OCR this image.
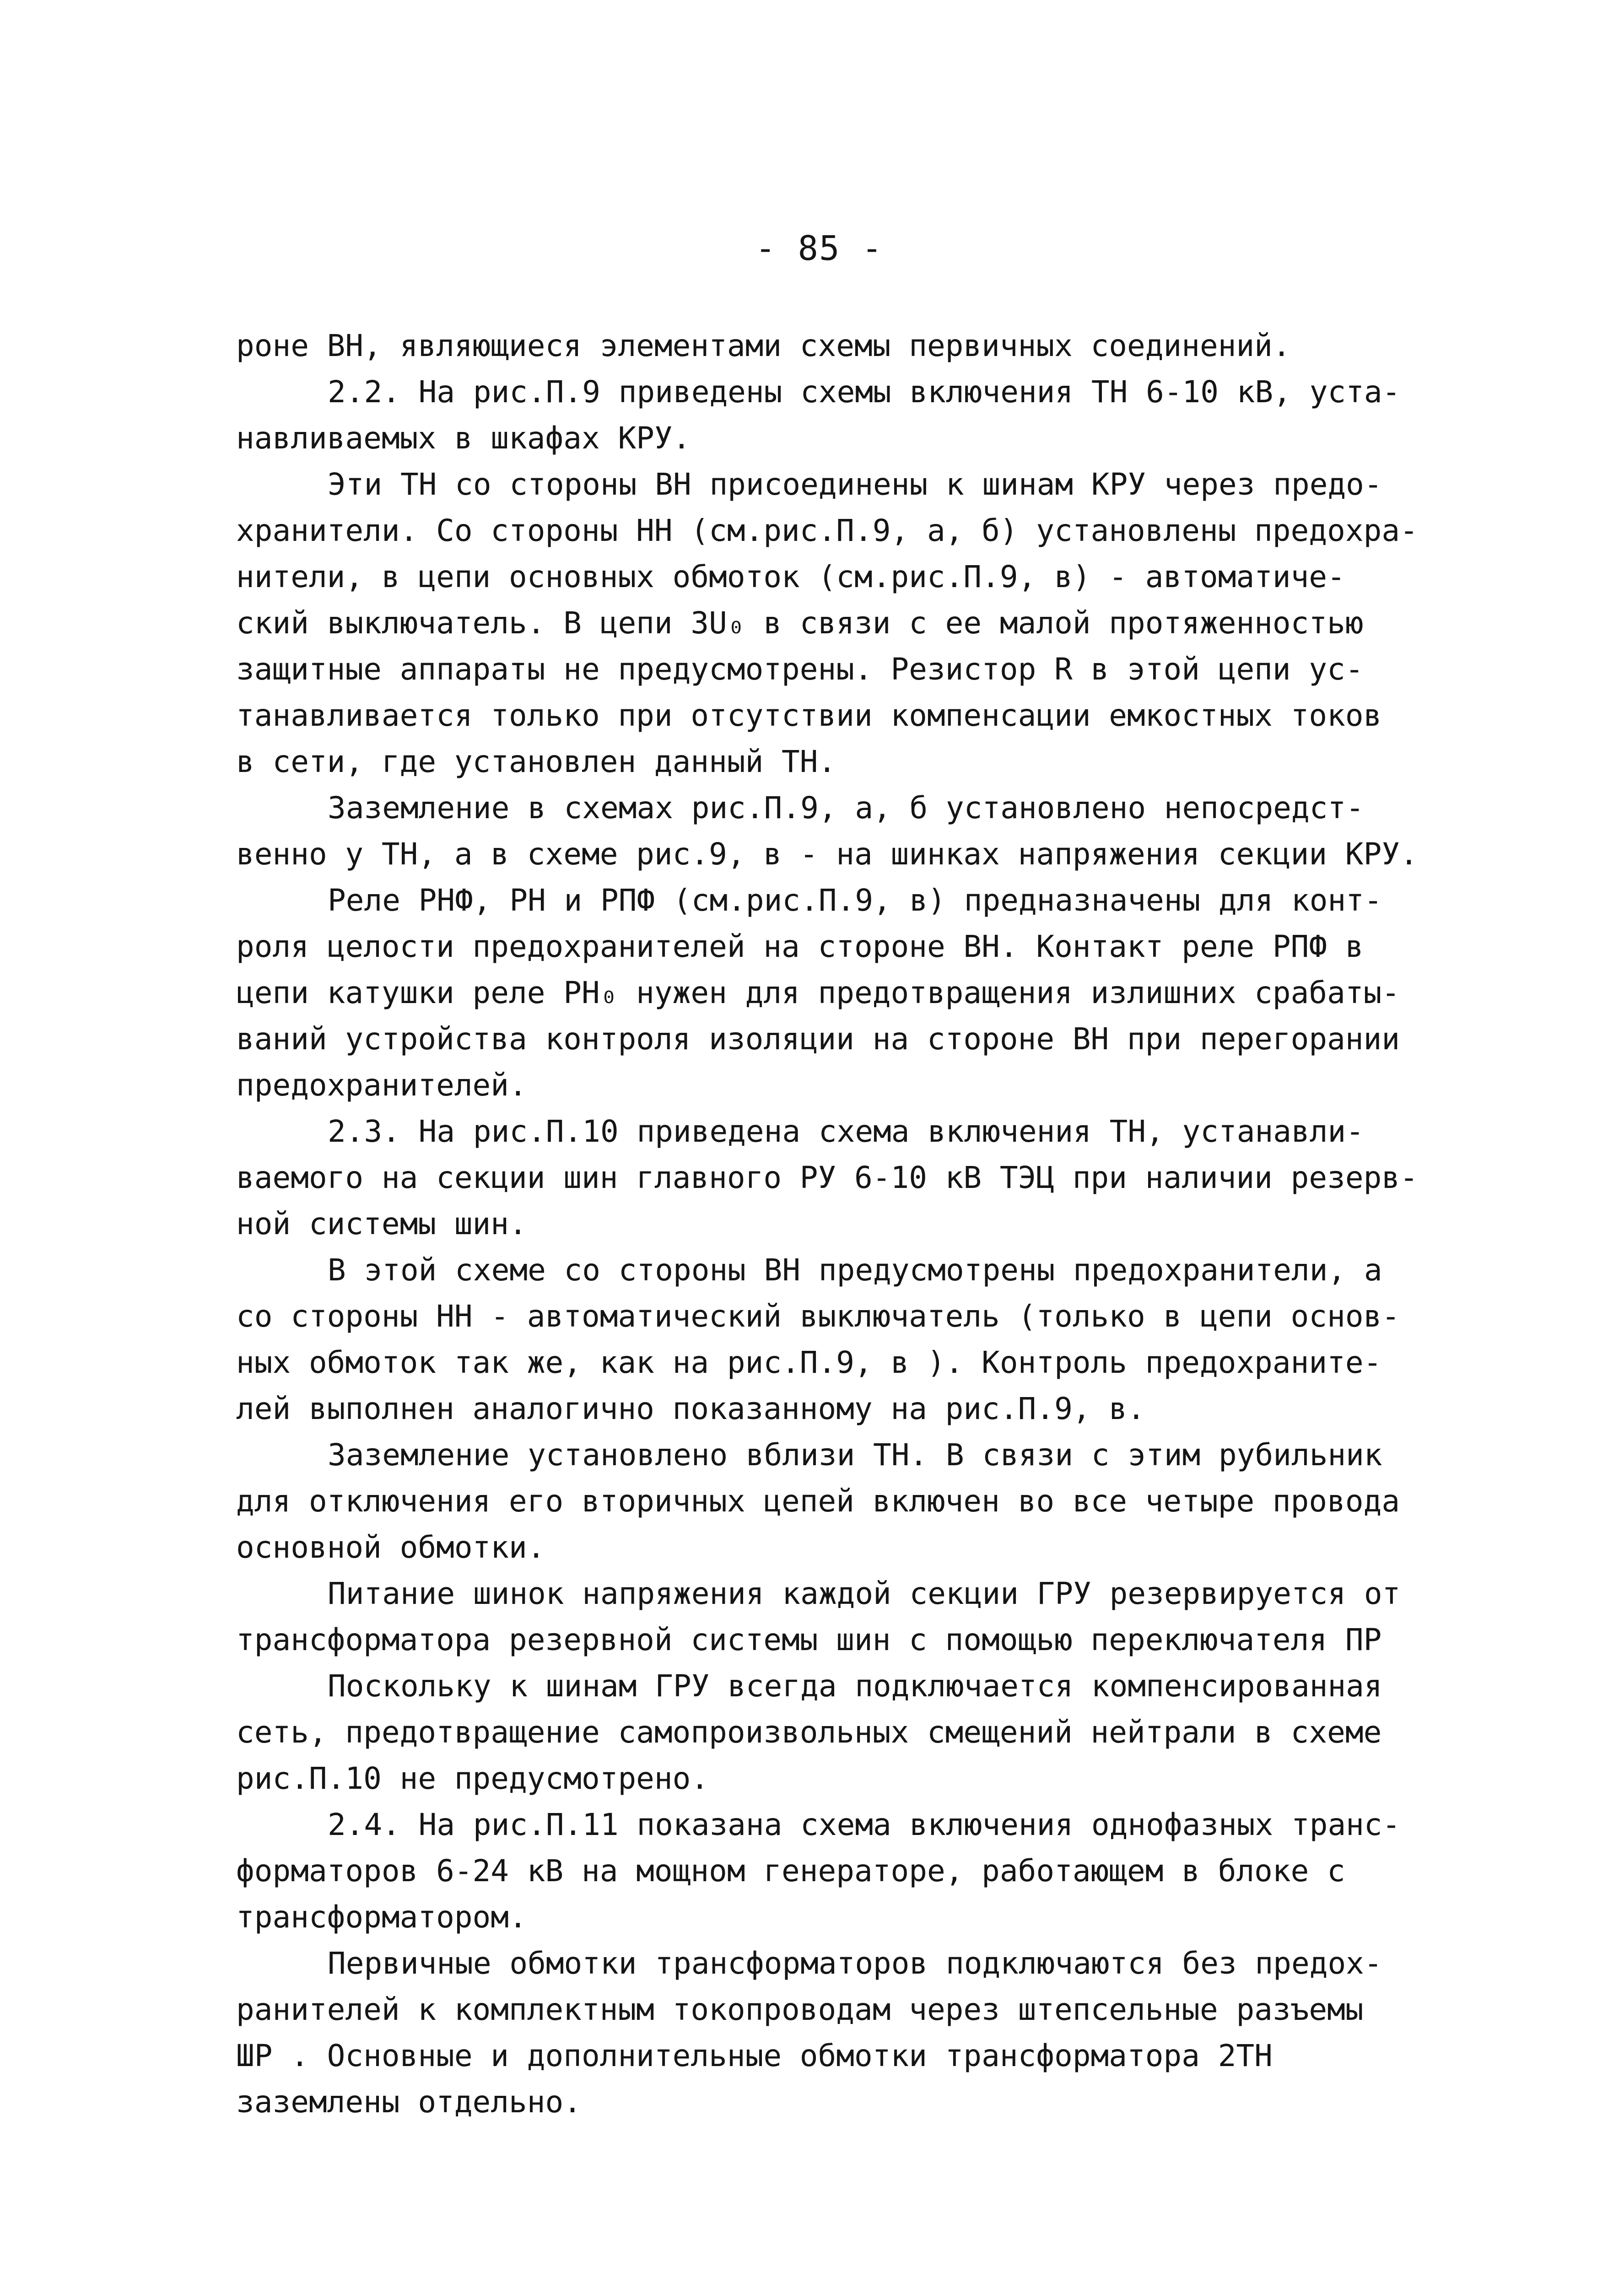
- 85 -
роне ВН, являющиеся элементами схемы первичных соединений.
2.2. На рис.П.9 приведены схемы включения ТН 6-10 кВ, уста-
навливаемых в шкафах КРУ.
Эти ТН со стороны ВН присоединены к шинам КРУ через предо-
хранители. Со стороны НН (см.рис.П.9, а, б) установлены предохра-
нители, в цепи основных обмоток (см.рис.П.9, в) - автоматиче-
ский выключатель. В цепи 3U₀ в связи с ее малой протяженностью
защитные аппараты не предусмотрены. Резистор R в этой цепи ус-
танавливается только при отсутствии компенсации емкостных токов
в сети, где установлен данный ТН.
Заземление в схемах рис.П.9, а, б установлено непосредст-
венно у ТН, а в схеме рис.9, в - на шинках напряжения секции КРУ.
Реле РНФ, РН и РПФ (см.рис.П.9, в) предназначены для конт-
роля целости предохранителей на стороне ВН. Контакт реле РПФ в
цепи катушки реле РН₀ нужен для предотвращения излишних срабаты-
ваний устройства контроля изоляции на стороне ВН при перегорании
предохранителей.
2.3. На рис.П.10 приведена схема включения ТН, устанавли-
ваемого на секции шин главного РУ 6-10 кВ ТЭЦ при наличии резерв-
ной системы шин.
В этой схеме со стороны ВН предусмотрены предохранители, а
со стороны НН - автоматический выключатель (только в цепи основ-
ных обмоток так же, как на рис.П.9, в ). Контроль предохраните-
лей выполнен аналогично показанному на рис.П.9, в.
Заземление установлено вблизи ТН. В связи с этим рубильник
для отключения его вторичных цепей включен во все четыре провода
основной обмотки.
Питание шинок напряжения каждой секции ГРУ резервируется от
трансформатора резервной системы шин с помощью переключателя ПР
Поскольку к шинам ГРУ всегда подключается компенсированная
сеть, предотвращение самопроизвольных смещений нейтрали в схеме
рис.П.10 не предусмотрено.
2.4. На рис.П.11 показана схема включения однофазных транс-
форматоров 6-24 кВ на мощном генераторе, работающем в блоке с
трансформатором.
Первичные обмотки трансформаторов подключаются без предох-
ранителей к комплектным токопроводам через штепсельные разъемы
ШР . Основные и дополнительные обмотки трансформатора 2ТН
заземлены отдельно.
